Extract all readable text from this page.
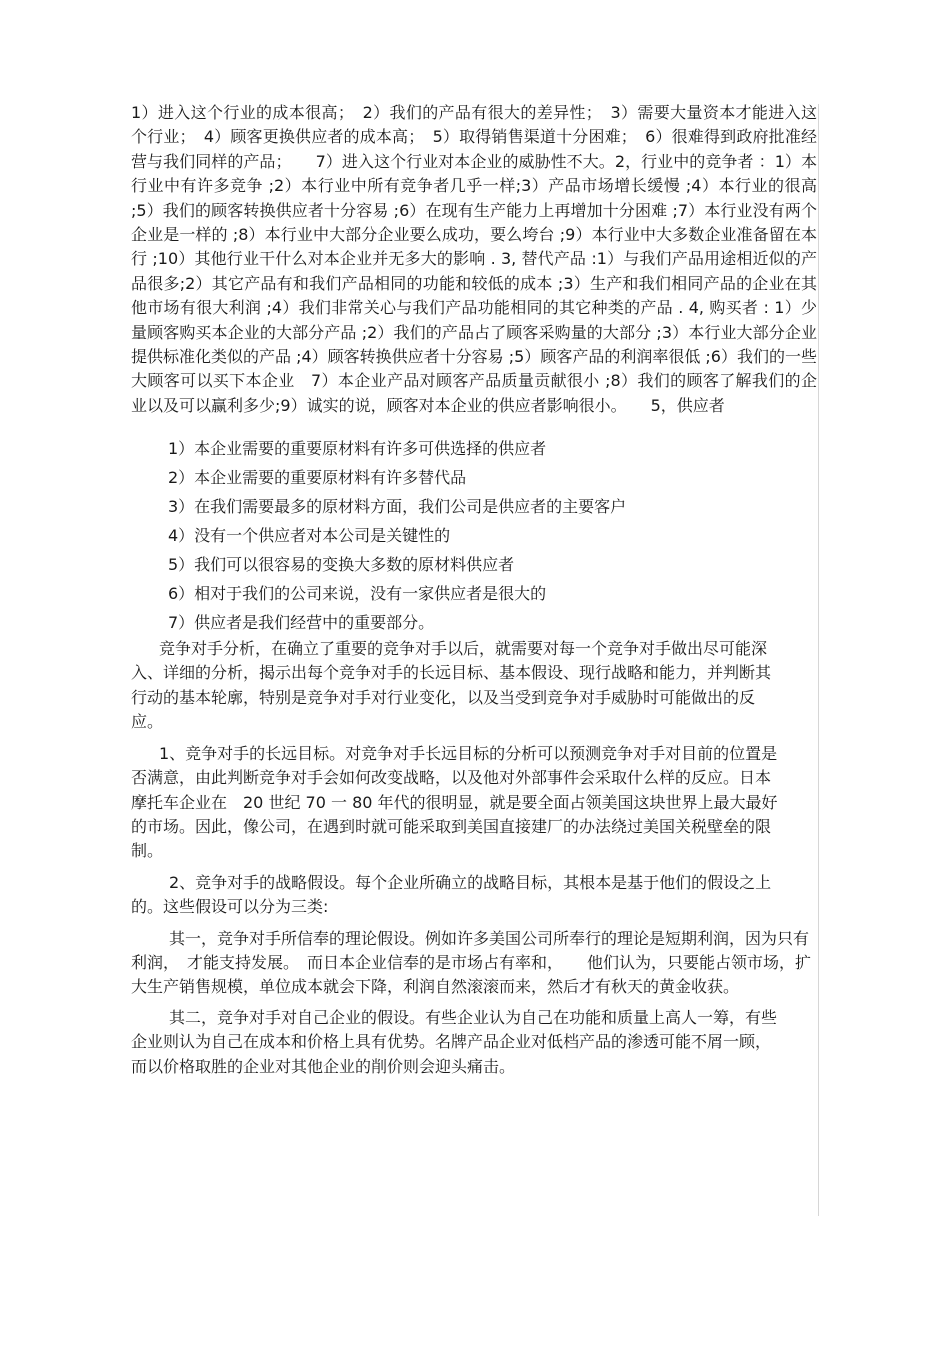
1）进入这个行业的成本很高；　2）我们的产品有很大的差异性；　3）需要大量资本才能进入这个行业；　4）顾客更换供应者的成本高；　5）取得销售渠道十分困难；　6）很难得到政府批准经营与我们同样的产品；　　7）进入这个行业对本企业的威胁性不大。2，行业中的竞争者 ：1）本行业中有许多竞争 ;2）本行业中所有竞争者几乎一样;3）产品市场增长缓慢 ;4）本行业的很高 ;5）我们的顾客转换供应者十分容易 ;6）在现有生产能力上再增加十分困难 ;7）本行业没有两个企业是一样的 ;8）本行业中大部分企业要么成功，要么垮台 ;9）本行业中大多数企业准备留在本行 ;10）其他行业干什么对本企业并无多大的影响 . 3, 替代产品 :1）与我们产品用途相近似的产品很多;2）其它产品有和我们产品相同的功能和较低的成本 ;3）生产和我们相同产品的企业在其他市场有很大利润 ;4）我们非常关心与我们产品功能相同的其它种类的产品 . 4, 购买者 : 1）少量顾客购买本企业的大部分产品 ;2）我们的产品占了顾客采购量的大部分 ;3）本行业大部分企业提供标准化类似的产品 ;4）顾客转换供应者十分容易 ;5）顾客产品的利润率很低 ;6）我们的一些大顾客可以买下本企业　7）本企业产品对顾客产品质量贡献很小 ;8）我们的顾客了解我们的企业以及可以赢利多少;9）诚实的说，顾客对本企业的供应者影响很小。　　5，供应者

1）本企业需要的重要原材料有许多可供选择的供应者
2）本企业需要的重要原材料有许多替代品
3）在我们需要最多的原材料方面，我们公司是供应者的主要客户
4）没有一个供应者对本公司是关键性的
5）我们可以很容易的变换大多数的原材料供应者
6）相对于我们的公司来说，没有一家供应者是很大的
7）供应者是我们经营中的重要部分。

竞争对手分析，在确立了重要的竞争对手以后，就需要对每一个竞争对手做出尽可能深入、详细的分析，揭示出每个竞争对手的长远目标、基本假设、现行战略和能力，并判断其行动的基本轮廓，特别是竞争对手对行业变化，以及当受到竞争对手威胁时可能做出的反应。

1、竞争对手的长远目标。对竞争对手长远目标的分析可以预测竞争对手对目前的位置是否满意，由此判断竞争对手会如何改变战略，以及他对外部事件会采取什么样的反应。日本摩托车企业在　20 世纪 70 一 80 年代的很明显，就是要全面占领美国这块世界上最大最好的市场。因此，像公司，在遇到时就可能采取到美国直接建厂的办法绕过美国关税壁垒的限制。

2、竞争对手的战略假设。每个企业所确立的战略目标，其根本是基于他们的假设之上的。这些假设可以分为三类:

其一，竞争对手所信奉的理论假设。例如许多美国公司所奉行的理论是短期利润，因为只有利润，　才能支持发展。　而日本企业信奉的是市场占有率和，　　他们认为，只要能占领市场，扩大生产销售规模，单位成本就会下降，利润自然滚滚而来，然后才有秋天的黄金收获。

其二，竞争对手对自己企业的假设。有些企业认为自己在功能和质量上高人一筹，有些企业则认为自己在成本和价格上具有优势。名牌产品企业对低档产品的渗透可能不屑一顾，而以价格取胜的企业对其他企业的削价则会迎头痛击。
